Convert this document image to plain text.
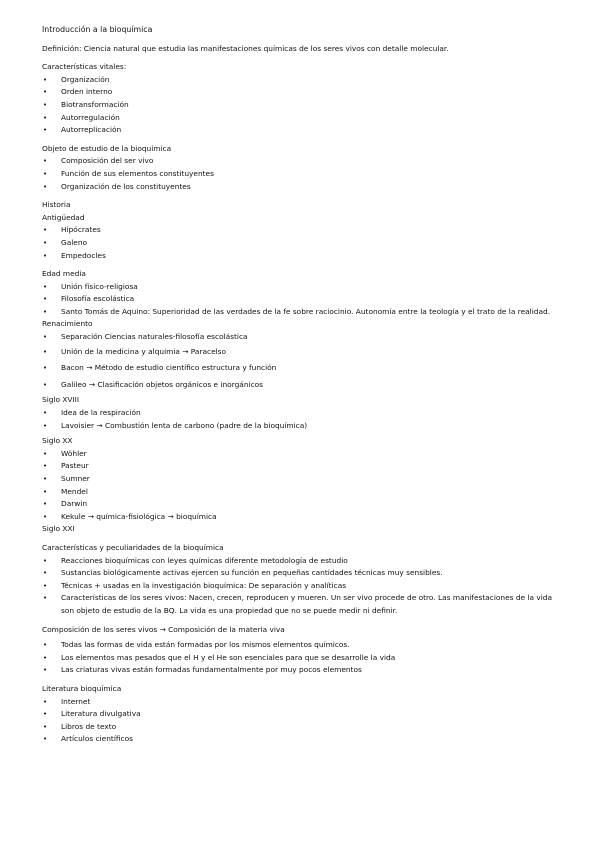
Introducción a la bioquímica
Definición: Ciencia natural que estudia las manifestaciones químicas de los seres vivos con detalle molecular.
Características vitales:
• Organización
• Orden interno
• Biotransformación
• Autorregulación
• Autorreplicación
Objeto de estudio de la bioquímica
• Composición del ser vivo
• Función de sus elementos constituyentes
• Organización de los constituyentes
Historia
Antigüedad
• Hipócrates
• Galeno
• Empedocles
Edad media
• Unión físico-religiosa
• Filosofía escolástica
• Santo Tomás de Aquino: Superioridad de las verdades de la fe sobre raciocinio. Autonomía entre la teología y el trato de la realidad.
Renacimiento
• Separación Ciencias naturales-filosofía escolástica
• Unión de la medicina y alquimia → Paracelso
• Bacon → Método de estudio científico estructura y función
• Galileo → Clasificación objetos orgánicos e inorgánicos
Siglo XVIII
• Idea de la respiración
• Lavoisier → Combustión lenta de carbono (padre de la bioquímica)
Siglo XX
• Wöhler
• Pasteur
• Sumner
• Mendel
• Darwin
• Kekule → química-fisiológica → bioquímica
Siglo XXI
Características y peculiaridades de la bioquímica
• Reacciones bioquímicas con leyes químicas diferente metodología de estudio
• Sustancias biológicamente activas ejercen su función en pequeñas cantidades técnicas muy sensibles.
• Técnicas + usadas en la investigación bioquímica: De separación y analíticas
• Características de los seres vivos: Nacen, crecen, reproducen y mueren. Un ser vivo procede de otro. Las manifestaciones de la vida son objeto de estudio de la BQ. La vida es una propiedad que no se puede medir ni definir.
Composición de los seres vivos → Composición de la materia viva
• Todas las formas de vida están formadas por los mismos elementos químicos.
• Los elementos mas pesados que el H y el He son esenciales para que se desarrolle la vida
• Las criaturas vivas están formadas fundamentalmente por muy pocos elementos
Literatura bioquímica
• Internet
• Literatura divulgativa
• Libros de texto
• Artículos científicos
